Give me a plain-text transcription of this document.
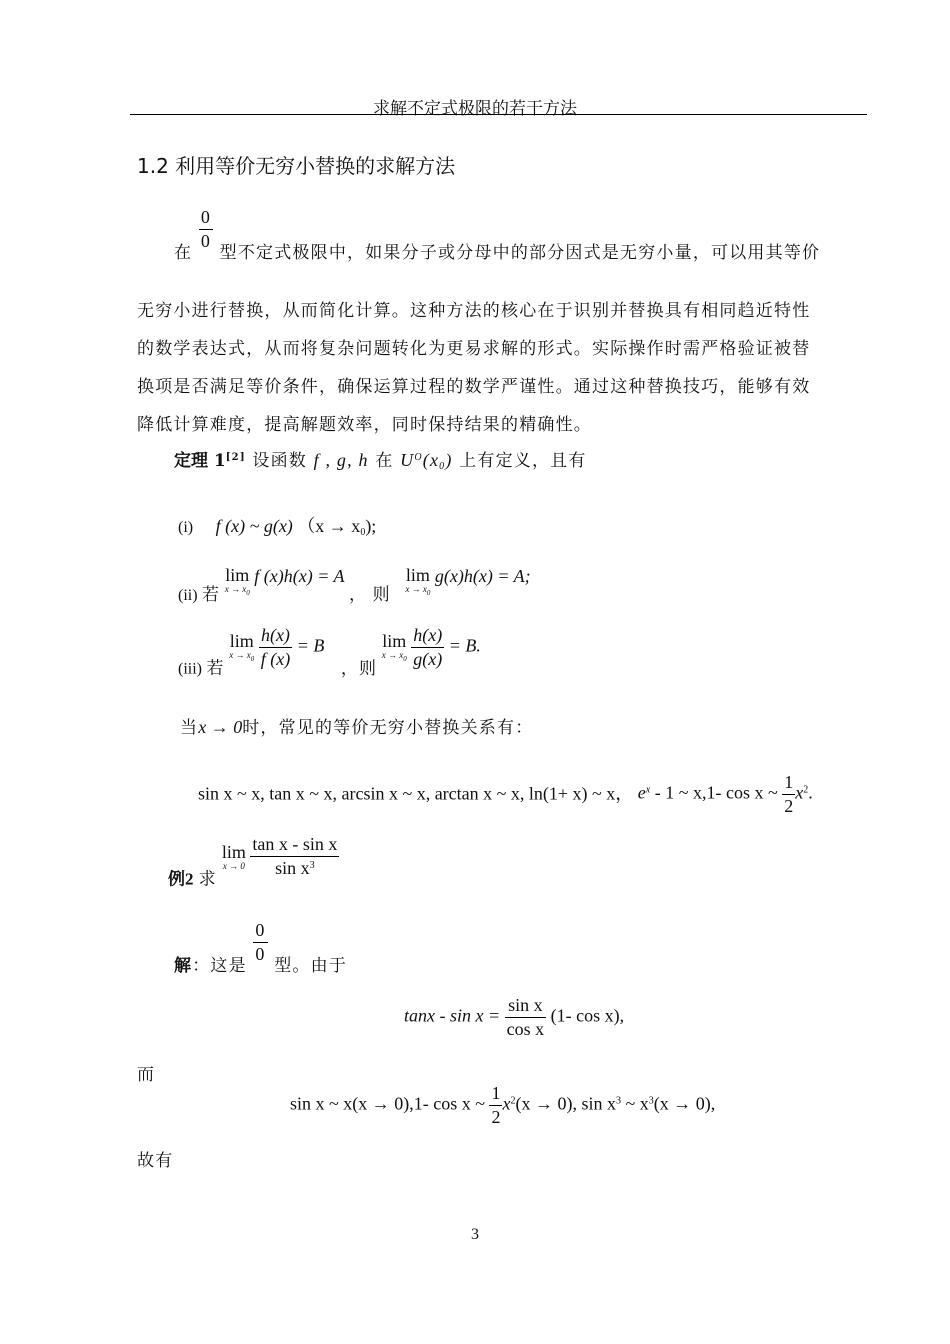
求解不定式极限的若干方法
1.2 利用等价无穷小替换的求解方法
在
$\frac{0}{0}$
型不定式极限中，如果分子或分母中的部分因式是无穷小量，可以用其等价
无穷小进行替换，从而简化计算。这种方法的核心在于识别并替换具有相同趋近特性
的数学表达式，从而将复杂问题转化为更易求解的形式。实际操作时需严格验证被替
换项是否满足等价条件，确保运算过程的数学严谨性。通过这种替换技巧，能够有效
降低计算难度，提高解题效率，同时保持结果的精确性。
定理 1[2] 设函数 f , g, h 在 $U^O(x_0)$ 上有定义，且有
(i) f (x) ~ g(x) $(x \to x_0)$;
(ii) 若 lim
$x \to x_0$
f (x)h(x) = A ， 则 lim
$x \to x_0$
g(x)h(x) = A;
(iii) 若 lim
$x \to x_0$
$\frac{h(x)}{f (x)} = B$ ，则 lim
$x \to x_0$
$\frac{h(x)}{g(x)} = B$.
当x → 0时，常见的等价无穷小替换关系有：
sin x ~ x, tan x ~ x, arcsin x ~ x, arctan x ~ x, ln(1+ x) ~ x， $e^x - 1$ ~ x,1- cos x ~ $\frac{1}{2} x^2$.
例2 求 lim
x → 0
$\frac{\text{tan x - sin x}}{\sin x^3}$
解：这是
$\frac{0}{0}$
型。由于
$\tan x - \sin x = \frac{\text{sin x}}{\text{cos x}} (1-$ cos x),
而
sin x ~ x(x → 0),1- cos x ~ $\frac{1}{2} x^2(x \to 0)$, $\sin x^3$ ~ $x^3(x \to 0)$,
故有
3
